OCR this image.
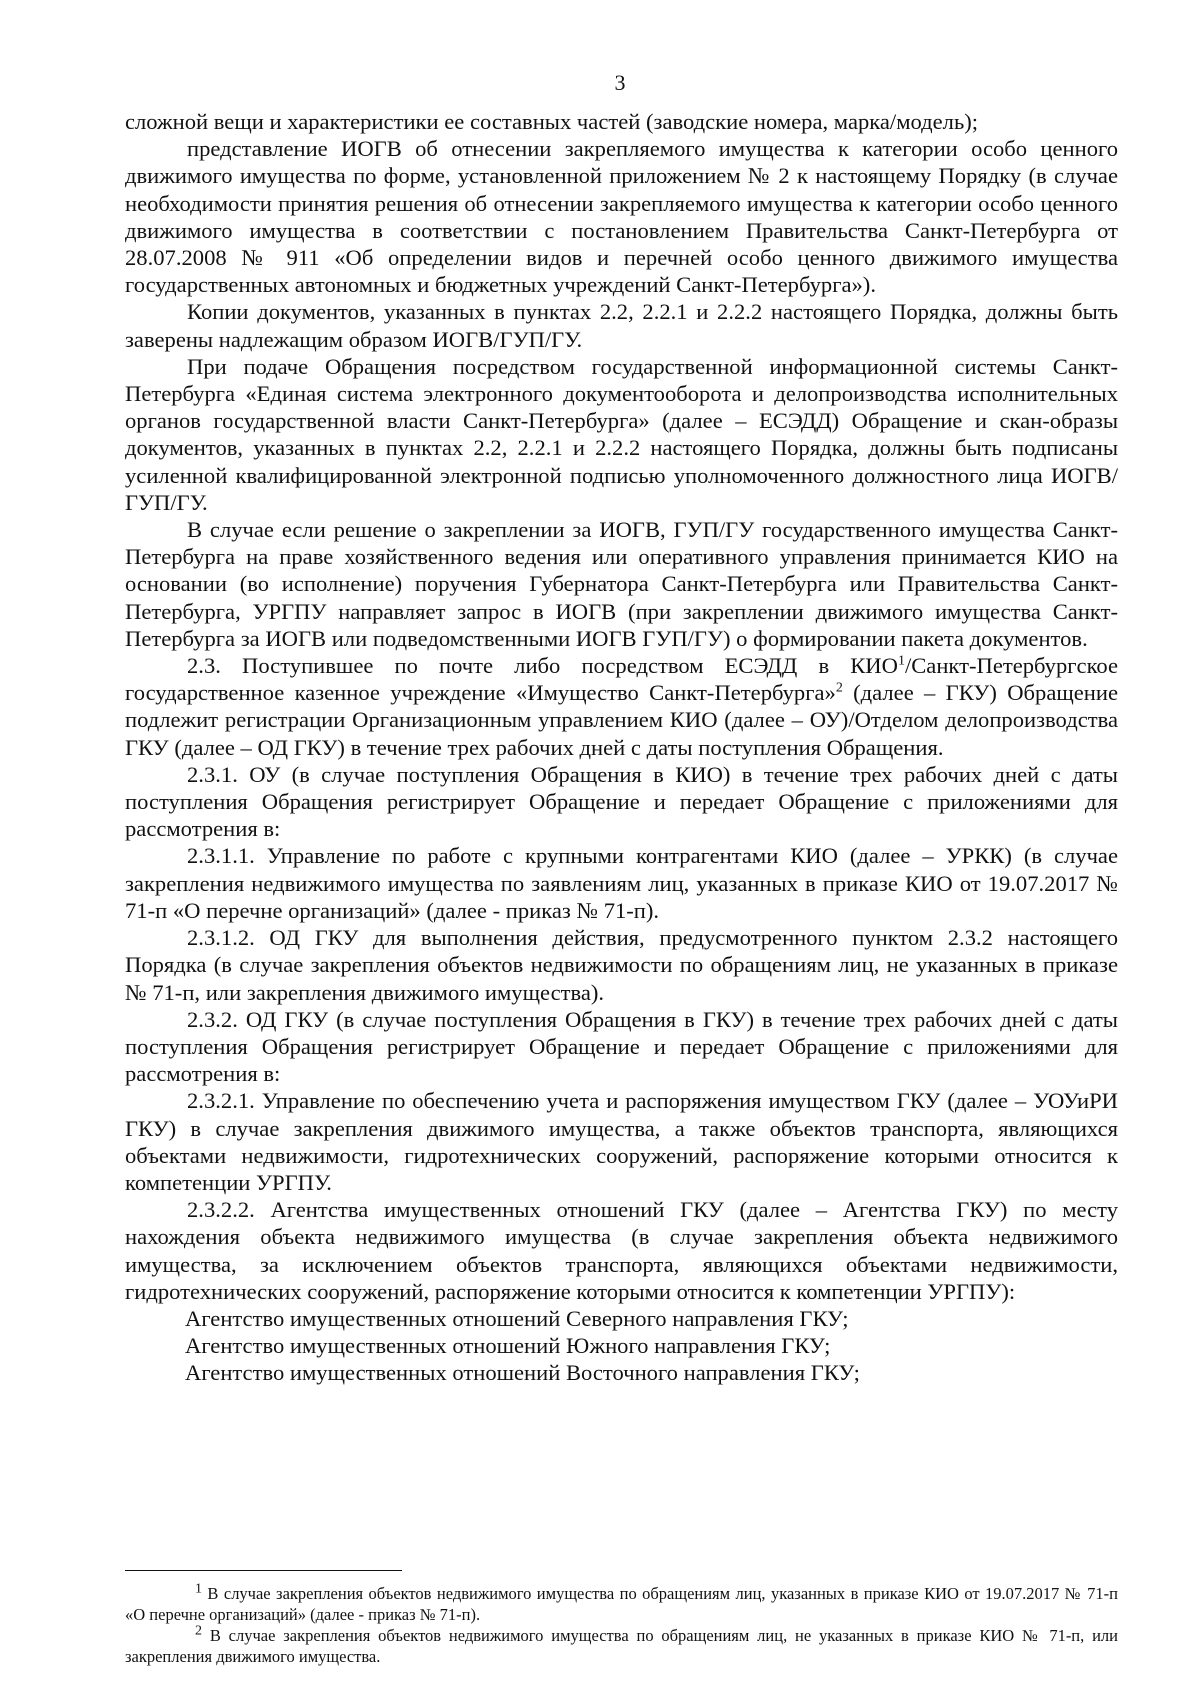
3

сложной вещи и характеристики ее составных частей (заводские номера, марка/модель);

представление ИОГВ об отнесении закрепляемого имущества к категории особо ценного движимого имущества по форме, установленной приложением № 2 к настоящему Порядку (в случае необходимости принятия решения об отнесении закрепляемого имущества к категории особо ценного движимого имущества в соответствии с постановлением Правительства Санкт-Петербурга от 28.07.2008 № 911 «Об определении видов и перечней особо ценного движимого имущества государственных автономных и бюджетных учреждений Санкт-Петербурга»).

Копии документов, указанных в пунктах 2.2, 2.2.1 и 2.2.2 настоящего Порядка, должны быть заверены надлежащим образом ИОГВ/ГУП/ГУ.

При подаче Обращения посредством государственной информационной системы Санкт-Петербурга «Единая система электронного документооборота и делопроизводства исполнительных органов государственной власти Санкт-Петербурга» (далее – ЕСЭДД) Обращение и скан-образы документов, указанных в пунктах 2.2, 2.2.1 и 2.2.2 настоящего Порядка, должны быть подписаны усиленной квалифицированной электронной подписью уполномоченного должностного лица ИОГВ/ГУП/ГУ.

В случае если решение о закреплении за ИОГВ, ГУП/ГУ государственного имущества Санкт-Петербурга на праве хозяйственного ведения или оперативного управления принимается КИО на основании (во исполнение) поручения Губернатора Санкт-Петербурга или Правительства Санкт-Петербурга, УРГПУ направляет запрос в ИОГВ (при закреплении движимого имущества Санкт-Петербурга за ИОГВ или подведомственными ИОГВ ГУП/ГУ) о формировании пакета документов.

2.3. Поступившее по почте либо посредством ЕСЭДД в КИО$^1$/Санкт-Петербургское государственное казенное учреждение «Имущество Санкт-Петербурга»$^2$ (далее – ГКУ) Обращение подлежит регистрации Организационным управлением КИО (далее – ОУ)/Отделом делопроизводства ГКУ (далее – ОД ГКУ) в течение трех рабочих дней с даты поступления Обращения.

2.3.1. ОУ (в случае поступления Обращения в КИО) в течение трех рабочих дней с даты поступления Обращения регистрирует Обращение и передает Обращение с приложениями для рассмотрения в:

2.3.1.1. Управление по работе с крупными контрагентами КИО (далее – УРКК) (в случае закрепления недвижимого имущества по заявлениям лиц, указанных в приказе КИО от 19.07.2017 № 71-п «О перечне организаций» (далее - приказ № 71-п).

2.3.1.2. ОД ГКУ для выполнения действия, предусмотренного пунктом 2.3.2 настоящего Порядка (в случае закрепления объектов недвижимости по обращениям лиц, не указанных в приказе № 71-п, или закрепления движимого имущества).

2.3.2. ОД ГКУ (в случае поступления Обращения в ГКУ) в течение трех рабочих дней с даты поступления Обращения регистрирует Обращение и передает Обращение с приложениями для рассмотрения в:

2.3.2.1. Управление по обеспечению учета и распоряжения имуществом ГКУ (далее – УОУиРИ ГКУ) в случае закрепления движимого имущества, а также объектов транспорта, являющихся объектами недвижимости, гидротехнических сооружений, распоряжение которыми относится к компетенции УРГПУ.

2.3.2.2. Агентства имущественных отношений ГКУ (далее – Агентства ГКУ) по месту нахождения объекта недвижимого имущества (в случае закрепления объекта недвижимого имущества, за исключением объектов транспорта, являющихся объектами недвижимости, гидротехнических сооружений, распоряжение которыми относится к компетенции УРГПУ):

Агентство имущественных отношений Северного направления ГКУ;

Агентство имущественных отношений Южного направления ГКУ;

Агентство имущественных отношений Восточного направления ГКУ;

$^1$ В случае закрепления объектов недвижимого имущества по обращениям лиц, указанных в приказе КИО от 19.07.2017 № 71-п «О перечне организаций» (далее - приказ № 71-п).

$^2$ В случае закрепления объектов недвижимого имущества по обращениям лиц, не указанных в приказе КИО № 71-п, или закрепления движимого имущества.
